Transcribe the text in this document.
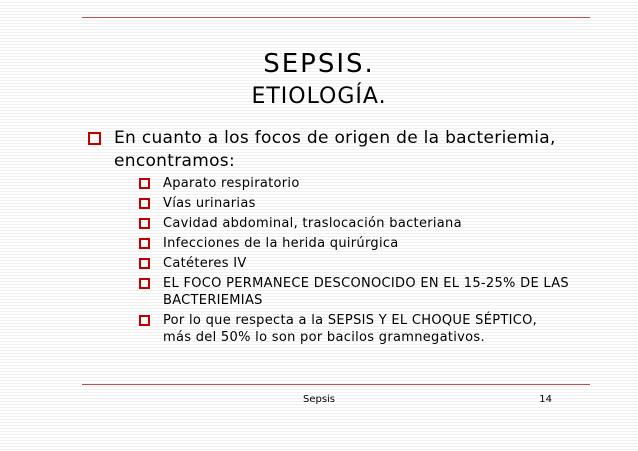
SEPSIS.
ETIOLOGÍA.
En cuanto a los focos de origen de la bacteriemia, encontramos:
Aparato respiratorio
Vías urinarias
Cavidad abdominal, traslocación bacteriana
Infecciones de la herida quirúrgica
Catéteres IV
EL FOCO PERMANECE DESCONOCIDO EN EL 15-25% DE LAS BACTERIEMIAS
Por lo que respecta a la SEPSIS Y EL CHOQUE SÉPTICO, más del 50% lo son por bacilos gramnegativos.
Sepsis	14
